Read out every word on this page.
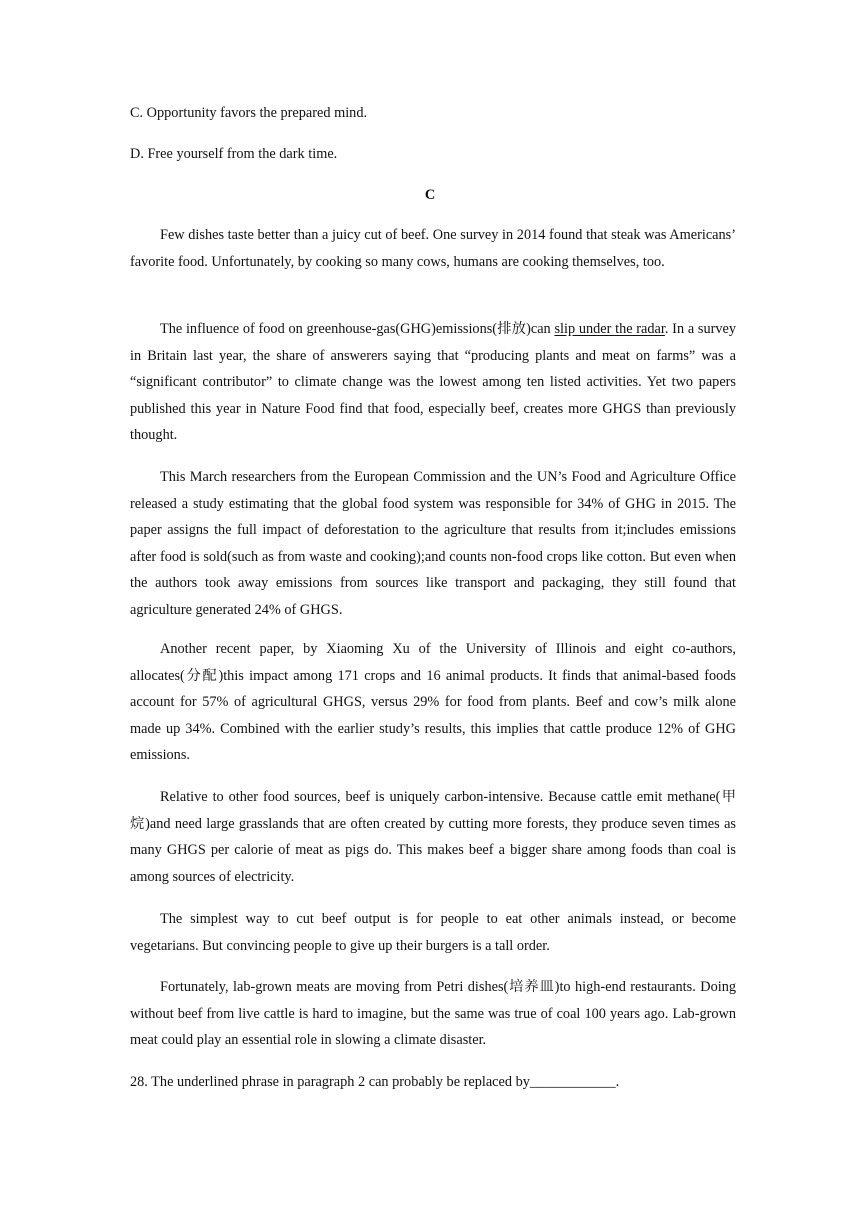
C. Opportunity favors the prepared mind.
D. Free yourself from the dark time.
C

Few dishes taste better than a juicy cut of beef. One survey in 2014 found that steak was Americans’ favorite food. Unfortunately, by cooking so many cows, humans are cooking themselves, too.

The influence of food on greenhouse-gas(GHG)emissions(排放)can slip under the radar. In a survey in Britain last year, the share of answerers saying that “producing plants and meat on farms” was a “significant contributor” to climate change was the lowest among ten listed activities. Yet two papers published this year in Nature Food find that food, especially beef, creates more GHGS than previously thought.

This March researchers from the European Commission and the UN’s Food and Agriculture Office released a study estimating that the global food system was responsible for 34% of GHG in 2015. The paper assigns the full impact of deforestation to the agriculture that results from it;includes emissions after food is sold(such as from waste and cooking);and counts non-food crops like cotton. But even when the authors took away emissions from sources like transport and packaging, they still found that agriculture generated 24% of GHGS.

Another recent paper, by Xiaoming Xu of the University of Illinois and eight co-authors, allocates(分配)this impact among 171 crops and 16 animal products. It finds that animal-based foods account for 57% of agricultural GHGS, versus 29% for food from plants. Beef and cow’s milk alone made up 34%. Combined with the earlier study’s results, this implies that cattle produce 12% of GHG emissions.

Relative to other food sources, beef is uniquely carbon-intensive. Because cattle emit methane(甲烷)and need large grasslands that are often created by cutting more forests, they produce seven times as many GHGS per calorie of meat as pigs do. This makes beef a bigger share among foods than coal is among sources of electricity.

The simplest way to cut beef output is for people to eat other animals instead, or become vegetarians. But convincing people to give up their burgers is a tall order.

Fortunately, lab-grown meats are moving from Petri dishes(培养皿)to high-end restaurants. Doing without beef from live cattle is hard to imagine, but the same was true of coal 100 years ago. Lab-grown meat could play an essential role in slowing a climate disaster.

28. The underlined phrase in paragraph 2 can probably be replaced by____________.
